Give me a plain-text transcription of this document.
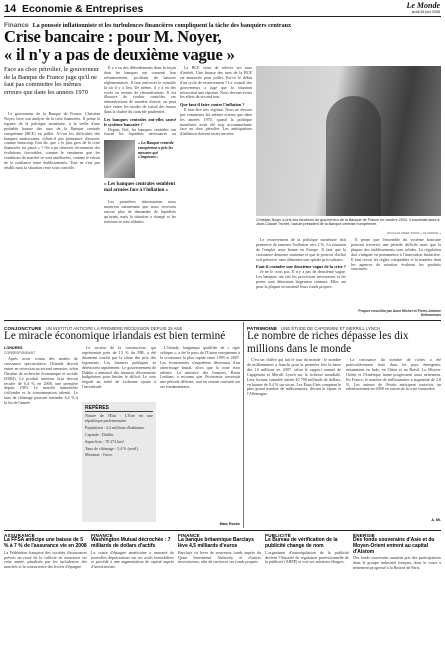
14 Economie & Entreprises	Le Monde
jeudi 26 juin 2008
Finance La poussée inflationniste et les turbulences financières compliquent la tâche des banquiers centraux
Crise bancaire : pour M. Noyer,
« il n'y a pas de deuxième vague »
Face au choc pétrolier, le gouverneur de la Banque de France juge qu'il ne faut pas commettre les mêmes erreurs que dans les années 1970

Le gouverneur de la Banque de France, Christian Noyer, livre son analyse de la crise financière. Il prône la rigueur de la politique monétaire, à la veille d'une probable hausse des taux de la Banque centrale européenne (BCE) en juillet. A-t-on les difficultés des banques américaines, n'était-il pas prématuré d'assurer, comme beaucoup l'ont dit, que « le plus gros de la crise financière est passé » ? On a pu observer récemment des évolutions favorables, comme le sentiment que les conditions de marché se sont améliorées, comme le retour de la confiance entre établissements. Tout ne s'est pas rétabli mais la situation reste sous contrôle.

Il y a eu des débordements dans la façon dont les banques ont consenti leur refinancement, profitant de hausses réglementaires. Il faut renforcer le contrôle là où il y a lieu. De même, il y a eu des excès en termes de rémunérations. Il est illusoire de vouloir contrôler ces rémunérations de manière directe, on peut faire entrer les modes de calcul des bonus dans la chaîne du contrôle prudentiel.

Les banques centrales ont-elles sauvé le système bancaire ?

Depuis l'été, les banques centrales ont fourni les liquidités nécessaires au

« La Banque centrale européenne a pris les mesures qui s'imposent »
« Les banques centrales semblent mal armées face à l'inflation »

Les premières informations nous montrent maintenant que nous recevons encore plus de demandes de liquidités qu'avant, mais la situation a changé et les tensions se sont réduites.

La BCE vient de relever ses taux d'intérêt. Une hausse des taux de la BCE est annoncée pour juillet. Est-ce le début d'un cycle de resserrement ? Le conseil des gouverneurs a jugé que la situation nécessitait une réponse. Nous devons éviter les effets de second tour.

Que faut-il faire contre l'inflation ?

Il faut être très vigilant. Nous ne devons pas commettre les mêmes erreurs que dans les années 1970, quand la politique monétaire avait été trop accommodante face au choc pétrolier. Les anticipations d'inflation doivent rester ancrées.

Christian Noyer a pris ses fonctions de gouverneur de la Banque de France en octobre 2003. Il succédait alors à Jean-Claude Trichet, l'actuel président de la Banque centrale européenne.
NICOLAS KRIEF POUR « LE MONDE »

Le resserrement de la politique monétaire doit permettre de ramener l'inflation vers 2 %. La situation de l'emploi reste bonne en Europe. Il faut que la croissance demeure soutenue et que le pouvoir d'achat soit préservé, sans alimenter une spirale prix-salaires.

Faut-il craindre une deuxième vague de la crise ?

Je ne le crois pas. Il n'y a pas de deuxième vague. Les banques ont fait les provisions nécessaires et les pertes sont désormais largement connues. Elles ont pour la plupart reconstitué leurs fonds propres.

Il pense que l'ensemble du système bancaire pourrait traverser une période difficile mais que la plupart des établissements sont solides. La régulation doit s'adapter en permanence à l'innovation financière. Il faut revoir les règles comptables et la manière dont les agences de notation évaluent les produits structurés.

Propos recueillis par Anne Michel et Pierre-Antoine Delhommais
CONJONCTURE UN INSTITUT ANTICIPE LA PREMIÈRE RÉCESSION DEPUIS 25 ANS
Le miracle économique irlandais est bien terminé
LONDRES
CORRESPONDANT

Après avoir connu des années de croissance spectaculaire, l'Irlande devrait entrer en récession au second semestre, selon l'Institut de recherche économique et sociale (ESRI). Le produit intérieur brut devrait reculer de 0,4 % en 2008, une première depuis 1983. Le marché immobilier s'effondre et la consommation ralentit. Le taux de chômage pourrait atteindre 6,4 % à la fin de l'année.

Le secteur de la construction, qui représentait près de 13 % du PIB, a été durement touché par la chute des prix des logements. Les finances publiques se détériorent rapidement. Le gouvernement de Dublin a annoncé des mesures d'économies budgétaires pour limiter le déficit. Le vote négatif au traité de Lisbonne ajoute à l'incertitude.

REPÈRES

Nature de l'État : L'Éire est une république parlementaire.

Population : 4,4 millions d'habitants.

Capitale : Dublin.

Superficie : 70 273 km².

Taux de chômage : 5,4 % (avril).

Monnaie : l'euro.

L'Irlande, longtemps qualifiée de « tigre celtique », a été le pays de l'Union européenne à la croissance la plus rapide entre 1995 et 2007. Les économistes s'inquiètent désormais d'un atterrissage brutal, alors que la zone euro ralentit. Le ministre des finances, Brian Lenihan, a reconnu que l'économie traversait une période délicate, tout en restant confiant sur ses fondamentaux.

Marc Roche
PATRIMOINE UNE ÉTUDE DE CAPGEMINI ET MERRILL LYNCH
Le nombre de riches dépasse les dix millions dans le monde

C'est un chiffre qui fait le tour du monde : le nombre de millionnaires a franchi pour la première fois la barre des 10 millions en 2007, selon le rapport annuel de Capgemini et Merrill Lynch sur la richesse mondiale. Leur fortune cumulée atteint 40 700 milliards de dollars, en hausse de 9,4 % sur un an. Les États-Unis comptent le plus grand nombre de millionnaires, devant le Japon et l'Allemagne.

La croissance du nombre de riches a été particulièrement forte dans les pays émergents, notamment en Inde, en Chine et au Brésil. Le Moyen-Orient et l'Amérique latine progressent aussi nettement. En France, le nombre de millionnaires a augmenté de 2,8 %. Les auteurs de l'étude anticipent toutefois un ralentissement en 2008 en raison de la crise financière.

A. Mi.
ASSURANCE
La FFSA anticipe une baisse de 5 % à 7 % de l'assurance vie en 2008
La Fédération française des sociétés d'assurances prévoit un recul de la collecte en assurance vie cette année, pénalisée par les turbulences des marchés et la concurrence des livrets d'épargne.
FINANCE
Washington Mutual décrochée : 7 milliards de dollars d'actifs
La caisse d'épargne américaine a annoncé de nouvelles dépréciations sur ses actifs immobiliers et procédé à une augmentation de capital auprès d'investisseurs.
FINANCE
La banque britannique Barclays lève 4,5 milliards d'euros
Barclays va lever de nouveaux fonds auprès du Qatar Investment Authority et d'autres investisseurs, afin de renforcer ses fonds propres.
PUBLICITÉ
Le Bureau de vérification de la publicité change de nom
L'organisme d'autorégulation de la publicité devient l'Autorité de régulation professionnelle de la publicité (ARPP) et voit ses missions élargies.
ÉNERGIE
Des fonds souverains d'Asie et du Moyen-Orient entrent au capital d'Alstom
Des fonds souverains auraient pris des participations dans le groupe industriel français, dont le cours a nettement progressé à la Bourse de Paris.
